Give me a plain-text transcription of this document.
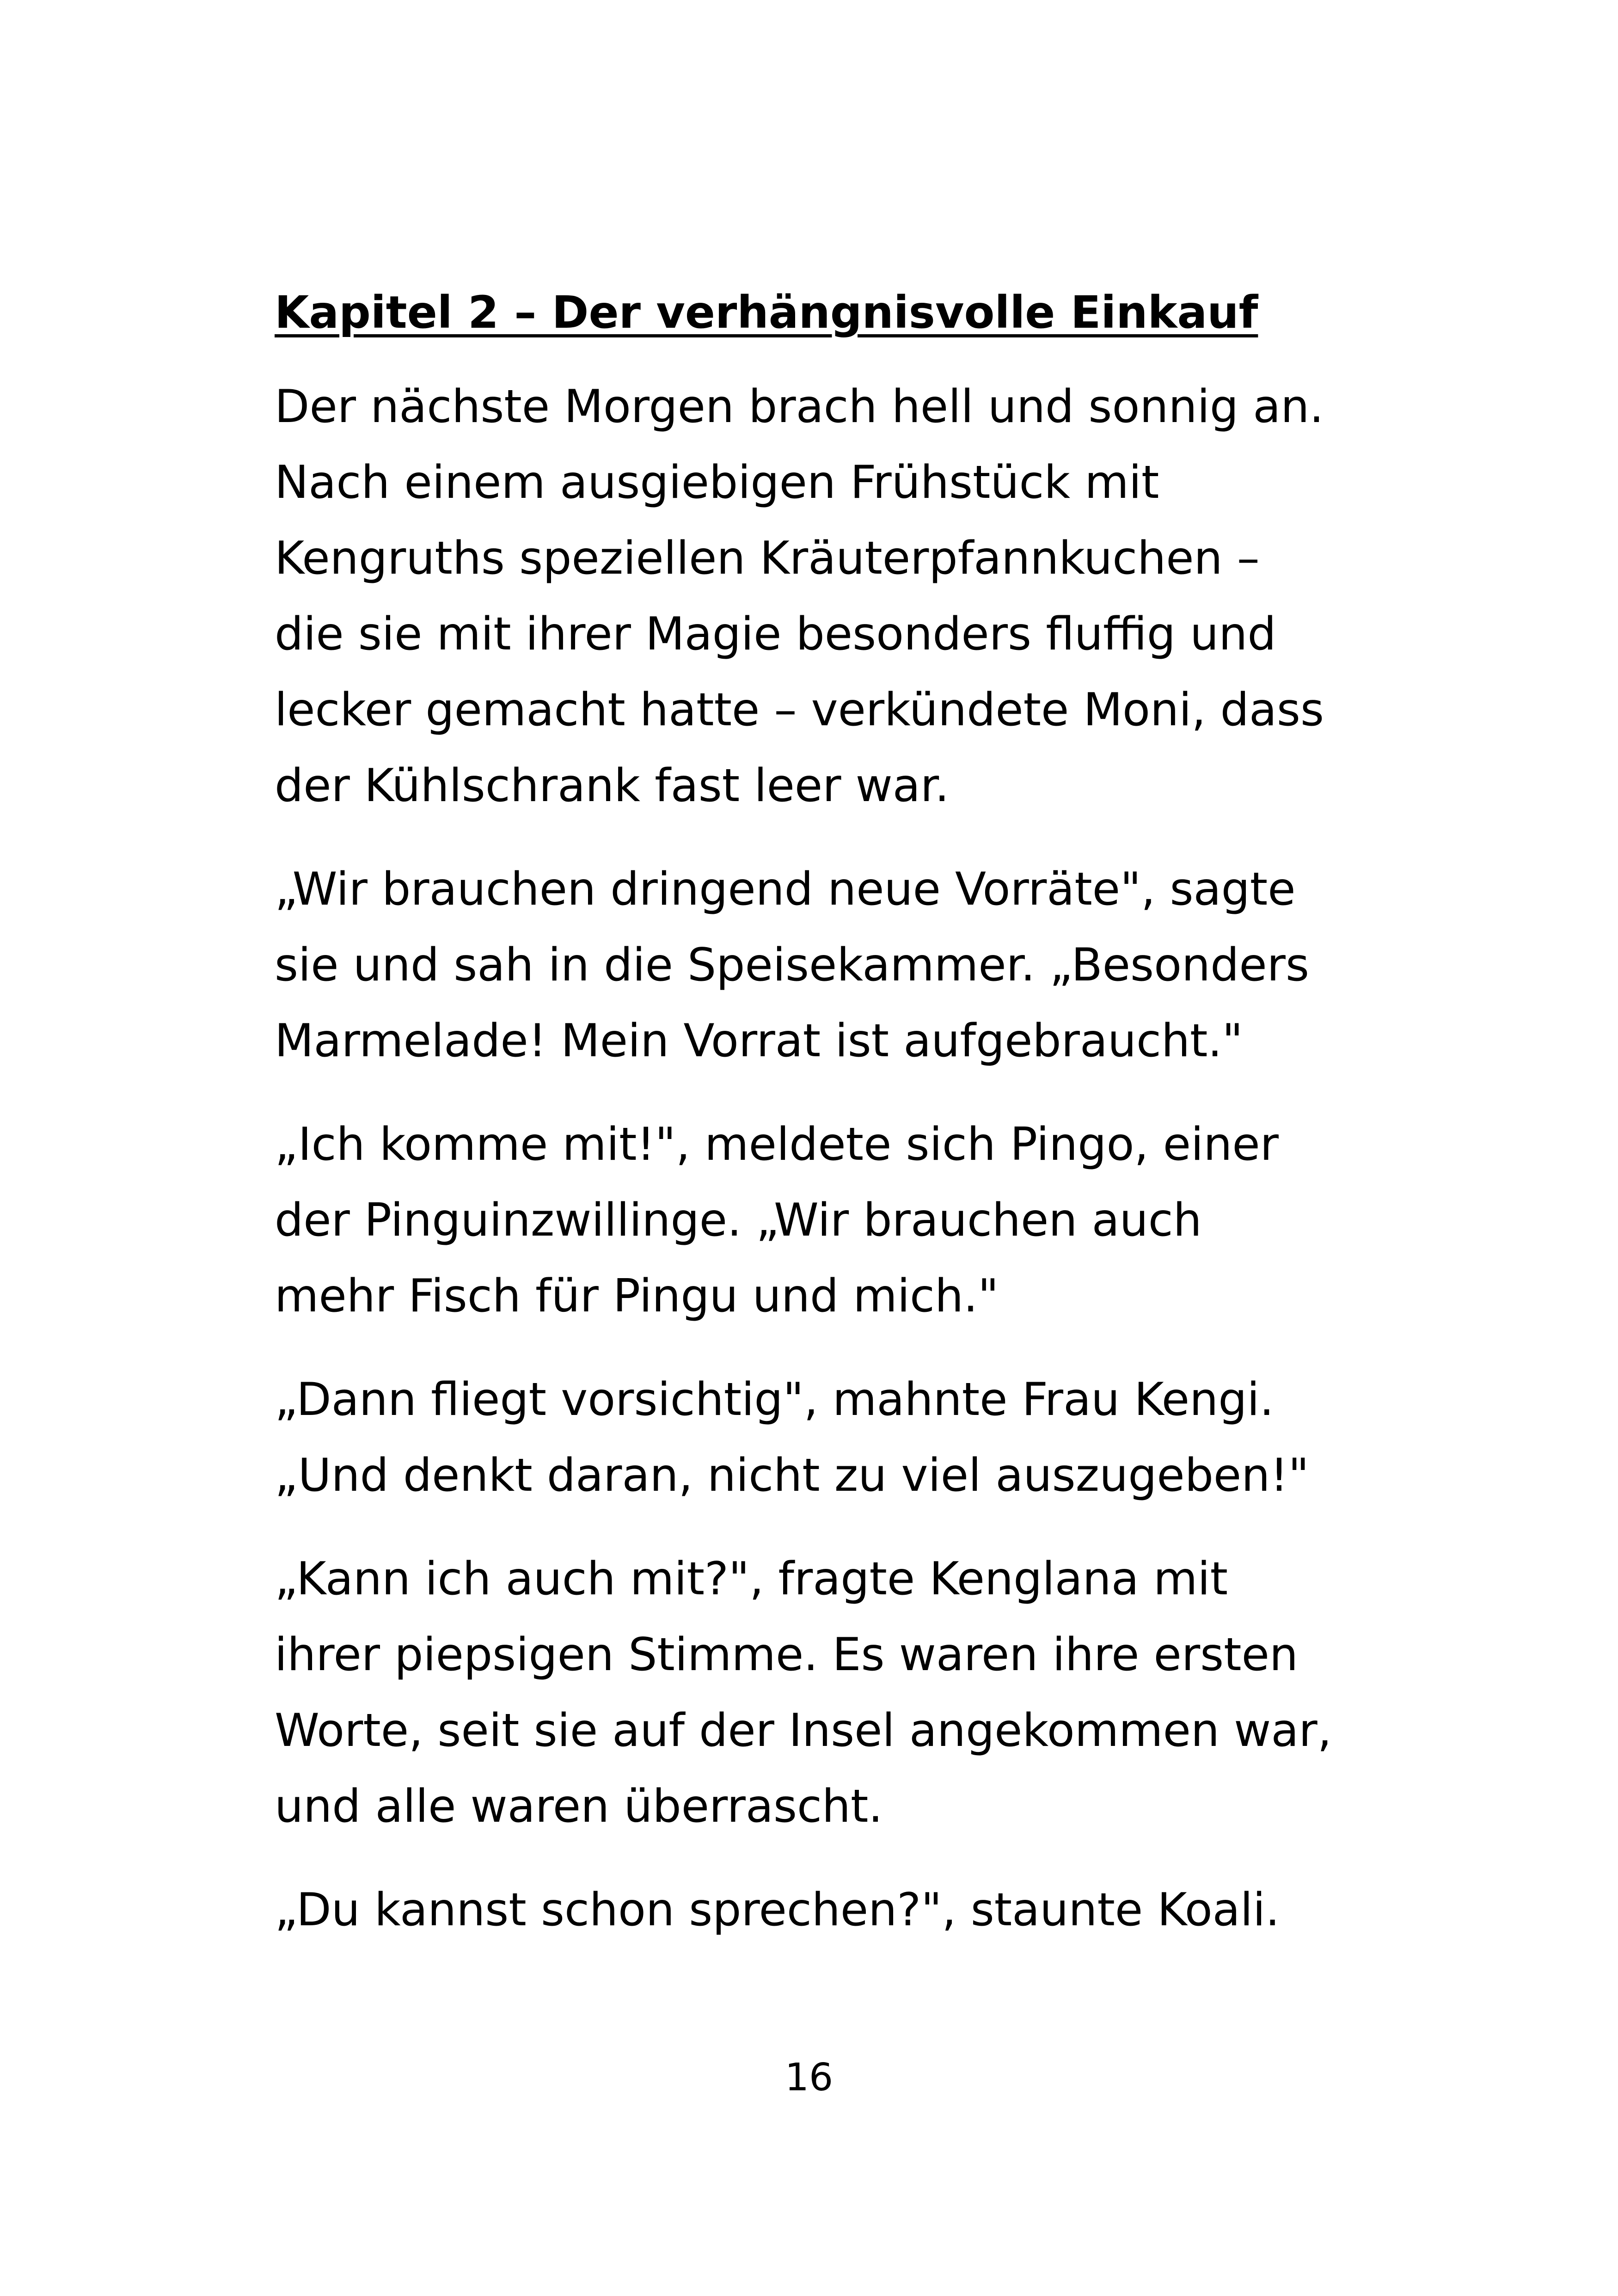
Kapitel 2 – Der verhängnisvolle Einkauf

Der nächste Morgen brach hell und sonnig an.
Nach einem ausgiebigen Frühstück mit
Kengruths speziellen Kräuterpfannkuchen –
die sie mit ihrer Magie besonders fluffig und
lecker gemacht hatte – verkündete Moni, dass
der Kühlschrank fast leer war.

„Wir brauchen dringend neue Vorräte", sagte
sie und sah in die Speisekammer. „Besonders
Marmelade! Mein Vorrat ist aufgebraucht."

„Ich komme mit!", meldete sich Pingo, einer
der Pinguinzwillinge. „Wir brauchen auch
mehr Fisch für Pingu und mich."

„Dann fliegt vorsichtig", mahnte Frau Kengi.
„Und denkt daran, nicht zu viel auszugeben!"

„Kann ich auch mit?", fragte Kenglana mit
ihrer piepsigen Stimme. Es waren ihre ersten
Worte, seit sie auf der Insel angekommen war,
und alle waren überrascht.

„Du kannst schon sprechen?", staunte Koali.

16
